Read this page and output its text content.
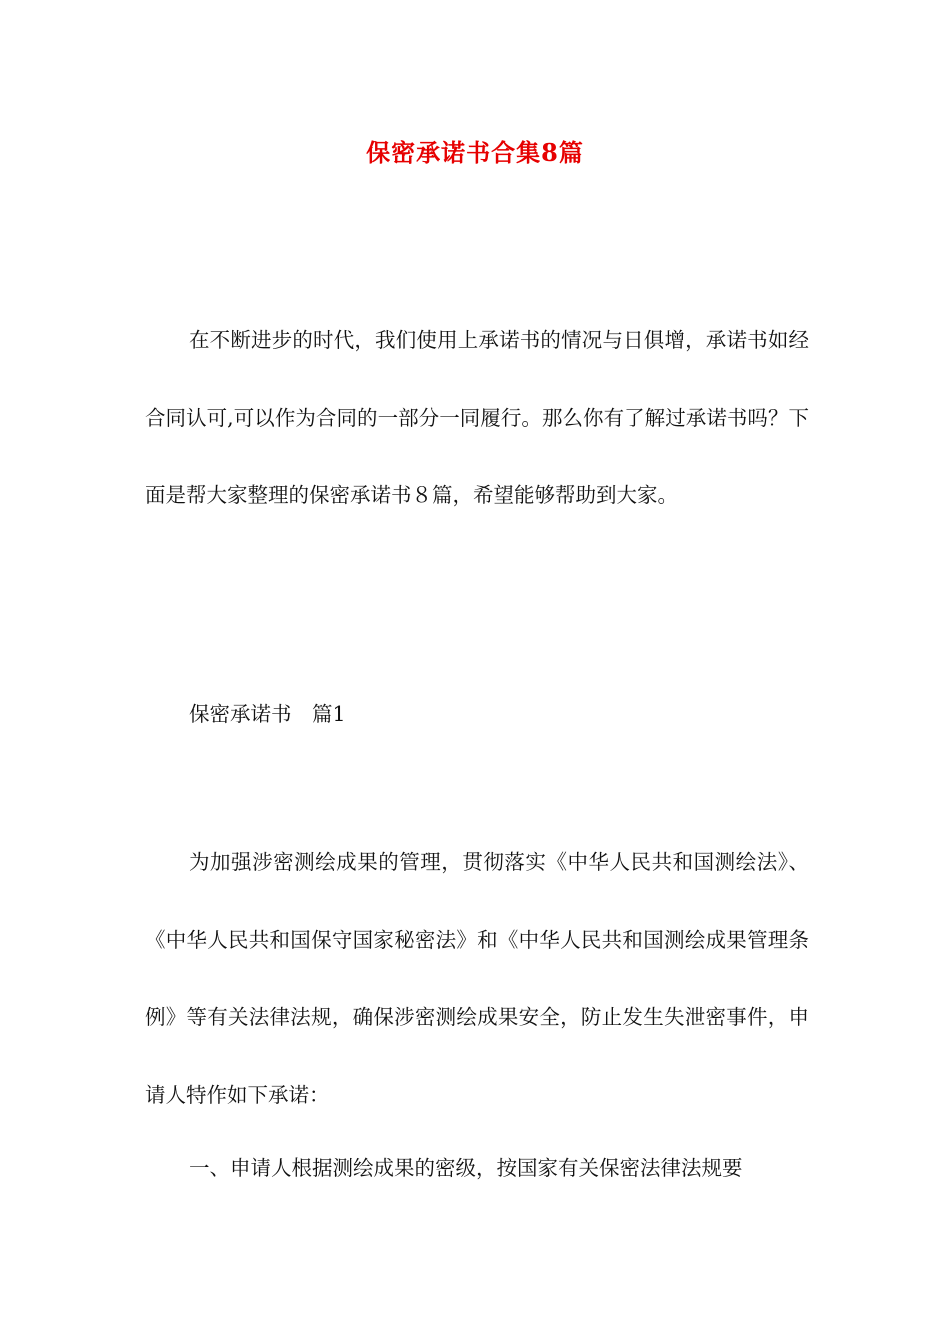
保密承诺书合集8篇

在不断进步的时代，我们使用上承诺书的情况与日俱增，承诺书如经合同认可,可以作为合同的一部分一同履行。那么你有了解过承诺书吗？下面是帮大家整理的保密承诺书８篇，希望能够帮助到大家。

保密承诺书　篇1

为加强涉密测绘成果的管理，贯彻落实《中华人民共和国测绘法》、《中华人民共和国保守国家秘密法》和《中华人民共和国测绘成果管理条例》等有关法律法规，确保涉密测绘成果安全，防止发生失泄密事件，申请人特作如下承诺：

一、申请人根据测绘成果的密级，按国家有关保密法律法规要
